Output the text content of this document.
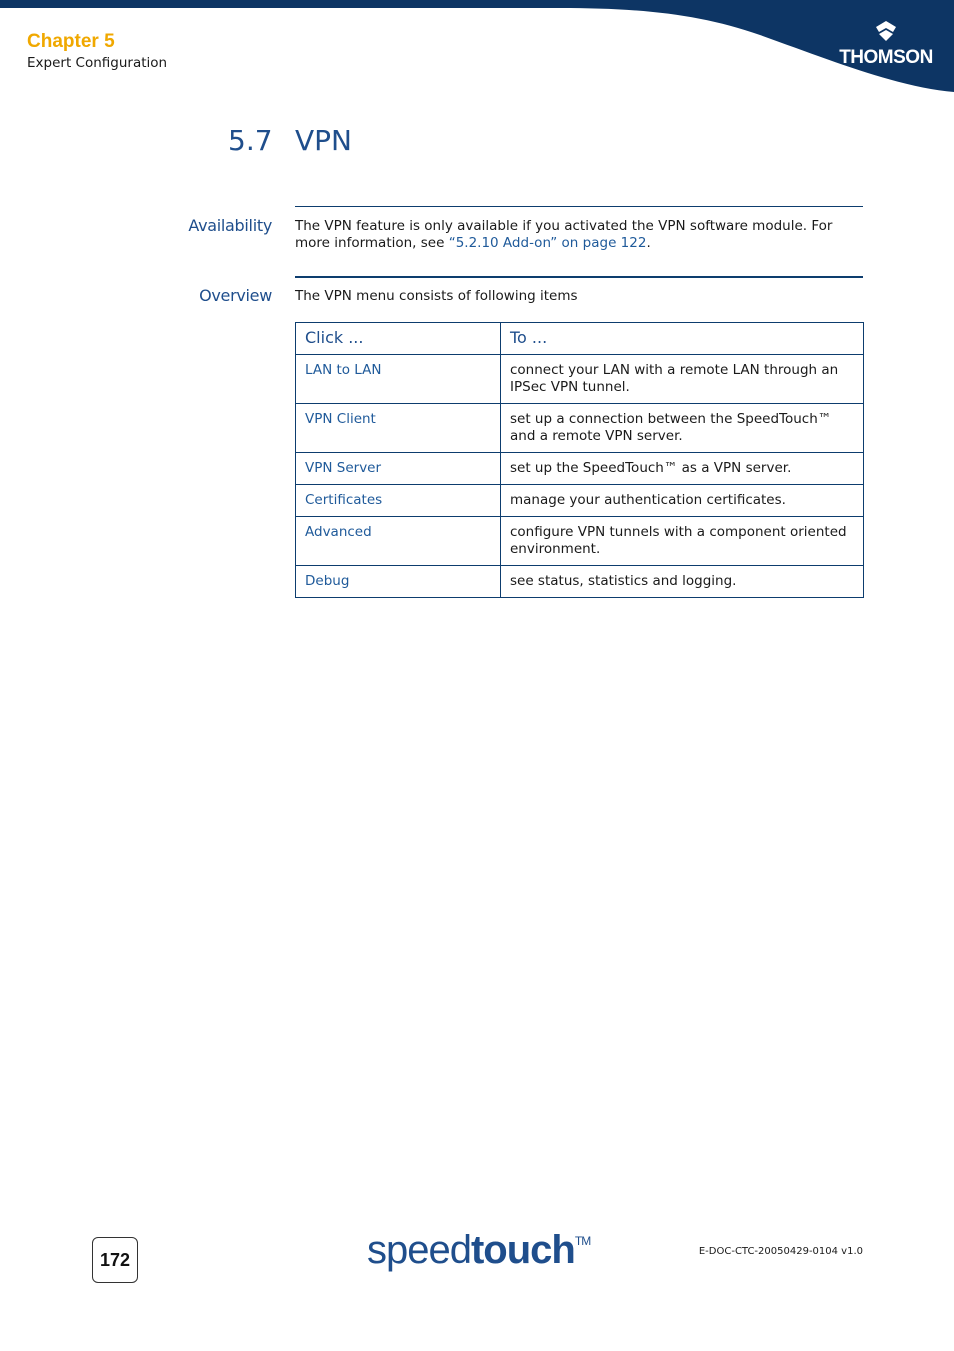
Chapter 5
Expert Configuration	THOMSON
5.7 VPN
Availability The VPN feature is only available if you activated the VPN software module. For more information, see “5.2.10 Add-on” on page 122.
Overview The VPN menu consists of following items
Click ...	To ...
LAN to LAN	connect your LAN with a remote LAN through an IPSec VPN tunnel.
VPN Client	set up a connection between the SpeedTouch™ and a remote VPN server.
VPN Server	set up the SpeedTouch™ as a VPN server.
Certificates	manage your authentication certificates.
Advanced	configure VPN tunnels with a component oriented environment.
Debug	see status, statistics and logging.
172	speedtouch™
E-DOC-CTC-20050429-0104 v1.0
